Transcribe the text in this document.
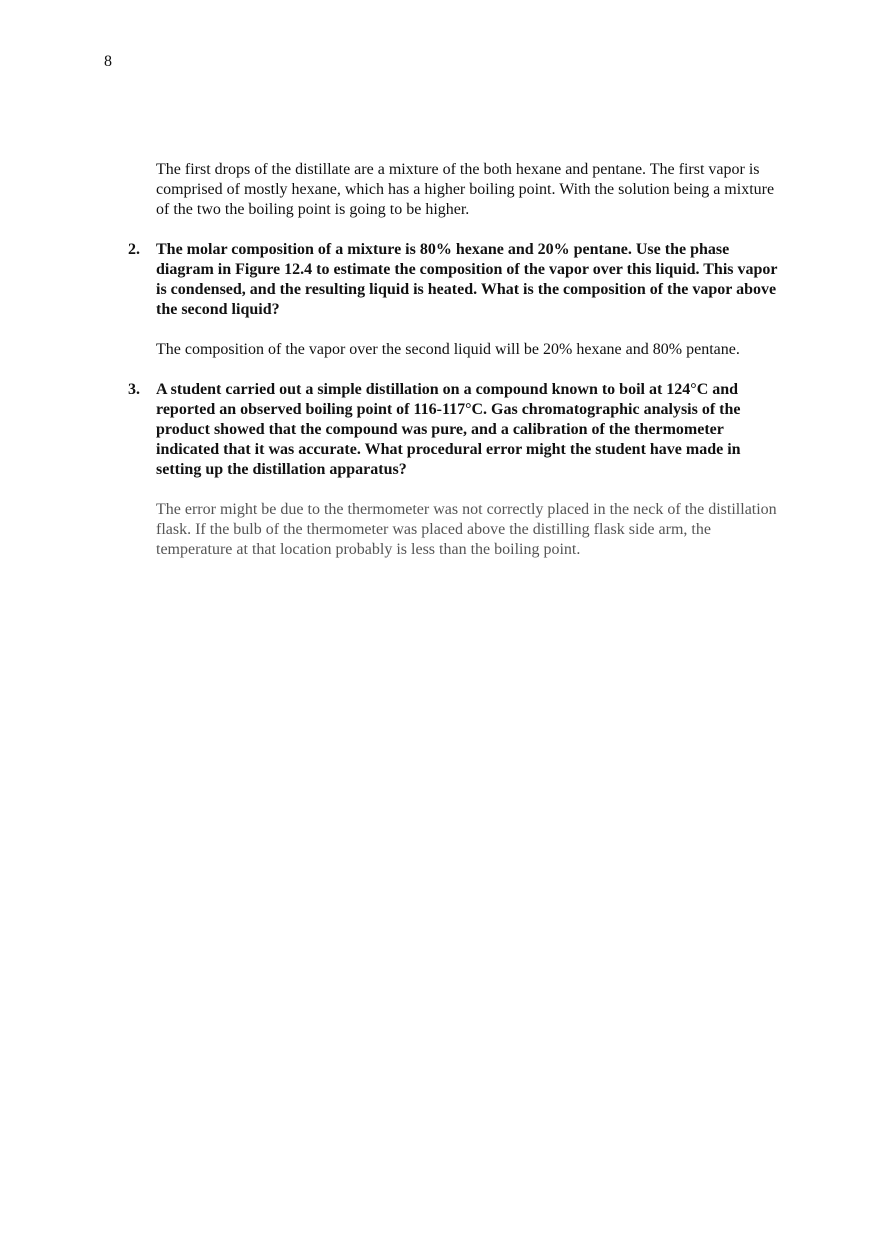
8

The first drops of the distillate are a mixture of the both hexane and pentane. The first vapor is comprised of mostly hexane, which has a higher boiling point. With the solution being a mixture of the two the boiling point is going to be higher.

2. The molar composition of a mixture is 80% hexane and 20% pentane. Use the phase diagram in Figure 12.4 to estimate the composition of the vapor over this liquid. This vapor is condensed, and the resulting liquid is heated. What is the composition of the vapor above the second liquid?

The composition of the vapor over the second liquid will be 20% hexane and 80% pentane.

3. A student carried out a simple distillation on a compound known to boil at 124°C and reported an observed boiling point of 116-117°C. Gas chromatographic analysis of the product showed that the compound was pure, and a calibration of the thermometer indicated that it was accurate. What procedural error might the student have made in setting up the distillation apparatus?

The error might be due to the thermometer was not correctly placed in the neck of the distillation flask. If the bulb of the thermometer was placed above the distilling flask side arm, the temperature at that location probably is less than the boiling point.
